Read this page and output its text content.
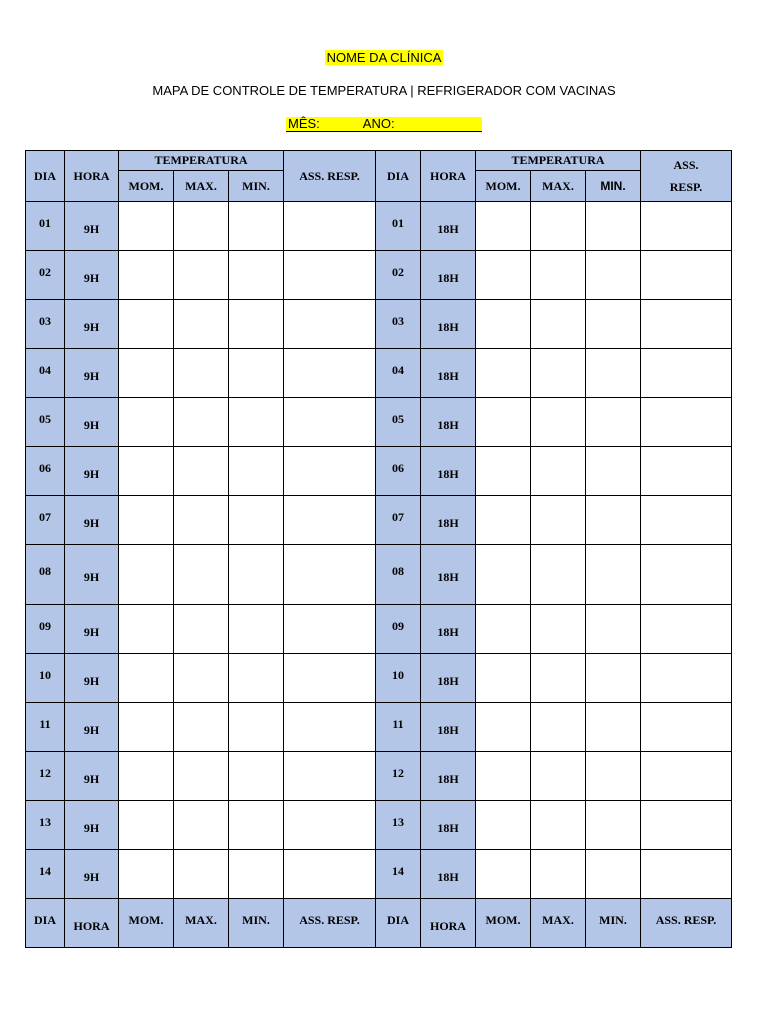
NOME DA CLÍNICA
MAPA DE CONTROLE DE TEMPERATURA | REFRIGERADOR COM VACINAS
MÊS:	ANO:
DIA	HORA	TEMPERATURA			ASS. RESP.	DIA	HORA	TEMPERATURA			ASS.
RESP.

		MOM.	MAX.	MIN.				MOM.	MAX.	MIN.	
01	9H					01	18H				
02	9H					02	18H				
03	9H					03	18H				
04	9H					04	18H				
05	9H					05	18H				
06	9H					06	18H				
07	9H					07	18H				
08	9H					08	18H				
09	9H					09	18H				
10	9H					10	18H				
11	9H					11	18H				
12	9H					12	18H				
13	9H					13	18H				
14	9H					14	18H				
DIA	HORA	MOM.	MAX.	MIN.	ASS. RESP.	DIA	HORA	MOM.	MAX.	MIN.	ASS. RESP.
